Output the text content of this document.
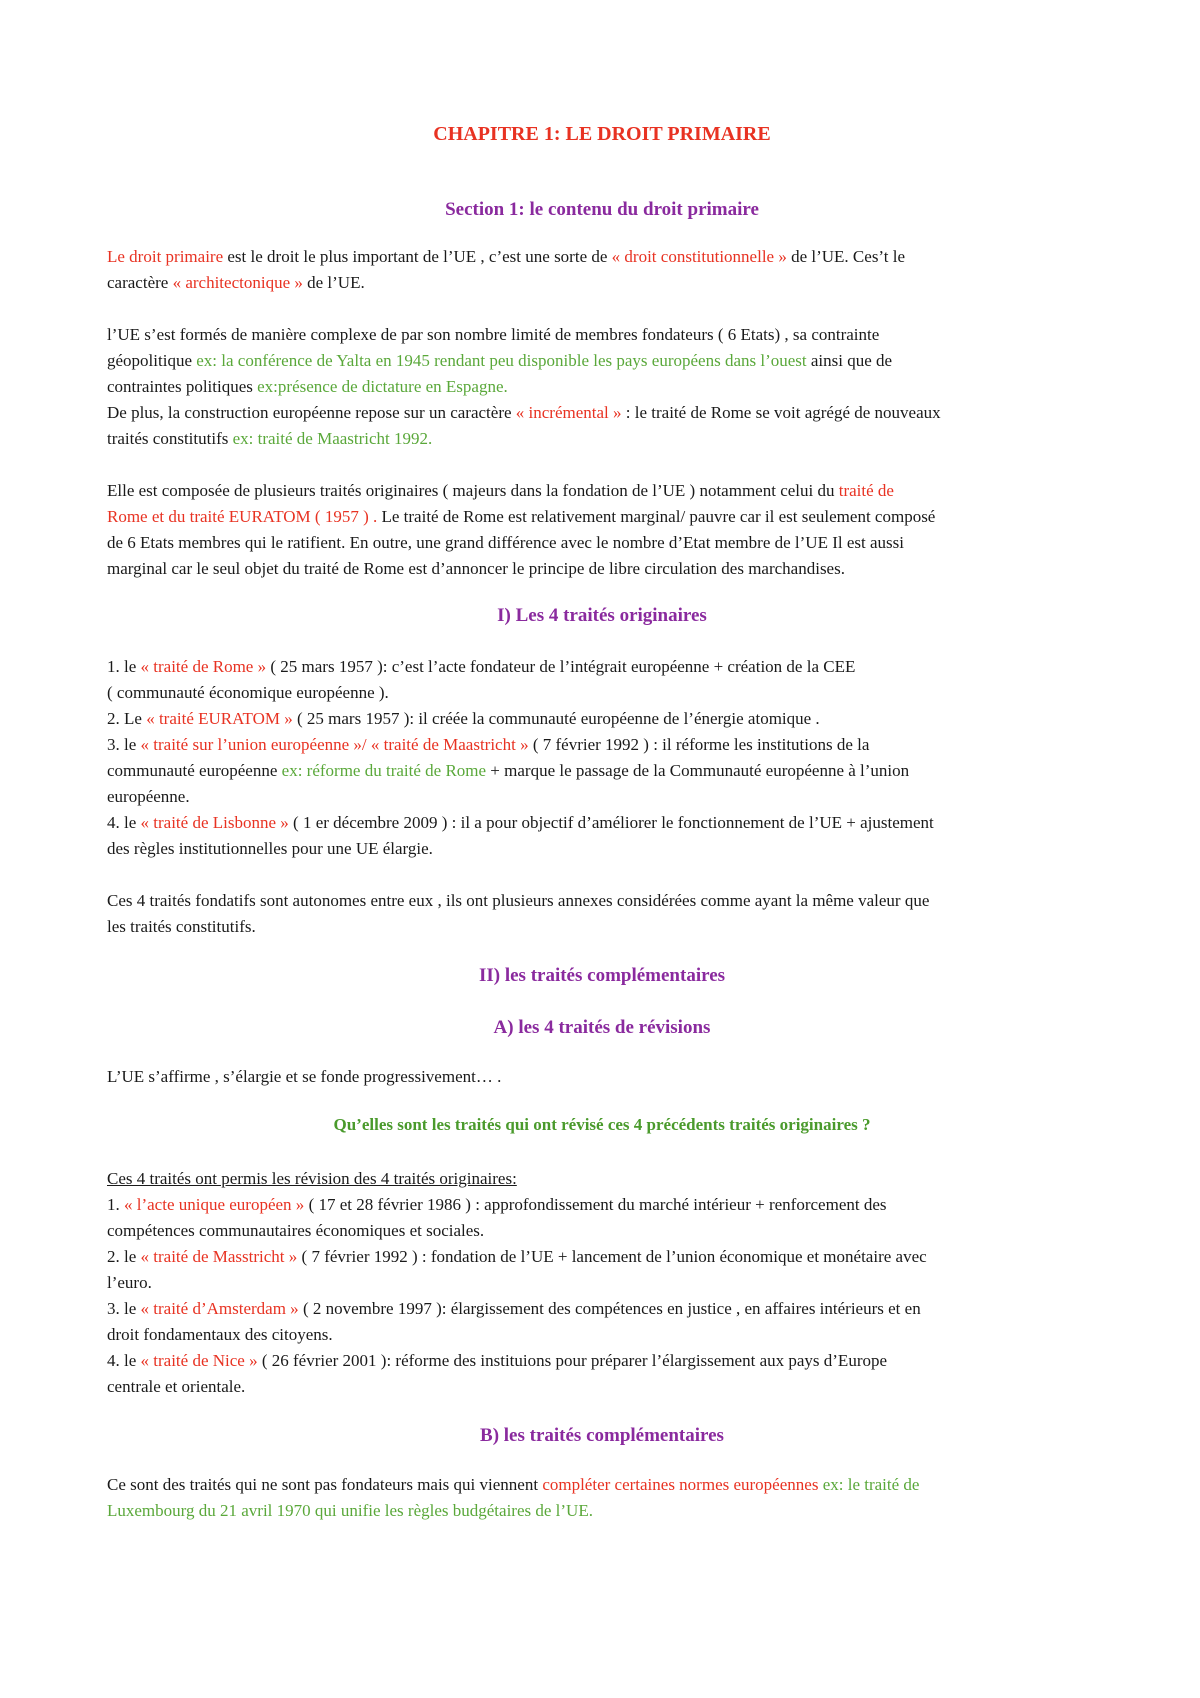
CHAPITRE 1: LE DROIT PRIMAIRE
Section 1: le contenu du droit primaire
Le droit primaire est le droit le plus important de l’UE , c’est une sorte de « droit constitutionnelle » de l’UE. Ces’t le
caractère « architectonique » de l’UE.
l’UE s’est formés de manière complexe de par son nombre limité de membres fondateurs ( 6 Etats) , sa contrainte
géopolitique ex: la conférence de Yalta en 1945 rendant peu disponible les pays européens dans l’ouest ainsi que de
contraintes politiques ex:présence de dictature en Espagne.
De plus, la construction européenne repose sur un caractère « incrémental » : le traité de Rome se voit agrégé de nouveaux
traités constitutifs ex: traité de Maastricht 1992.
Elle est composée de plusieurs traités originaires ( majeurs dans la fondation de l’UE ) notamment celui du traité de
Rome et du traité EURATOM ( 1957 ) . Le traité de Rome est relativement marginal/ pauvre car il est seulement composé
de 6 Etats membres qui le ratifient. En outre, une grand différence avec le nombre d’Etat membre de l’UE Il est aussi
marginal car le seul objet du traité de Rome est d’annoncer le principe de libre circulation des marchandises.
I) Les 4 traités originaires
1. le « traité de Rome » ( 25 mars 1957 ): c’est l’acte fondateur de l’intégrait européenne + création de la CEE
( communauté économique européenne ).
2. Le « traité EURATOM » ( 25 mars 1957 ): il créée la communauté européenne de l’énergie atomique .
3. le « traité sur l’union européenne »/ « traité de Maastricht » ( 7 février 1992 ) : il réforme les institutions de la
communauté européenne ex: réforme du traité de Rome + marque le passage de la Communauté européenne à l’union
européenne.
4. le « traité de Lisbonne » ( 1 er décembre 2009 ) : il a pour objectif d’améliorer le fonctionnement de l’UE + ajustement
des règles institutionnelles pour une UE élargie.
Ces 4 traités fondatifs sont autonomes entre eux , ils ont plusieurs annexes considérées comme ayant la même valeur que
les traités constitutifs.
II) les traités complémentaires
A) les 4 traités de révisions
L’UE s’affirme , s’élargie et se fonde progressivement… .
Qu’elles sont les traités qui ont révisé ces 4 précédents traités originaires ?
Ces 4 traités ont permis les révision des 4 traités originaires:
1. « l’acte unique européen » ( 17 et 28 février 1986 ) : approfondissement du marché intérieur + renforcement des
compétences communautaires économiques et sociales.
2. le « traité de Masstricht » ( 7 février 1992 ) : fondation de l’UE + lancement de l’union économique et monétaire avec
l’euro.
3. le « traité d’Amsterdam » ( 2 novembre 1997 ): élargissement des compétences en justice , en affaires intérieurs et en
droit fondamentaux des citoyens.
4. le « traité de Nice » ( 26 février 2001 ): réforme des instituions pour préparer l’élargissement aux pays d’Europe
centrale et orientale.
B) les traités complémentaires
Ce sont des traités qui ne sont pas fondateurs mais qui viennent compléter certaines normes européennes ex: le traité de
Luxembourg du 21 avril 1970 qui unifie les règles budgétaires de l’UE.
